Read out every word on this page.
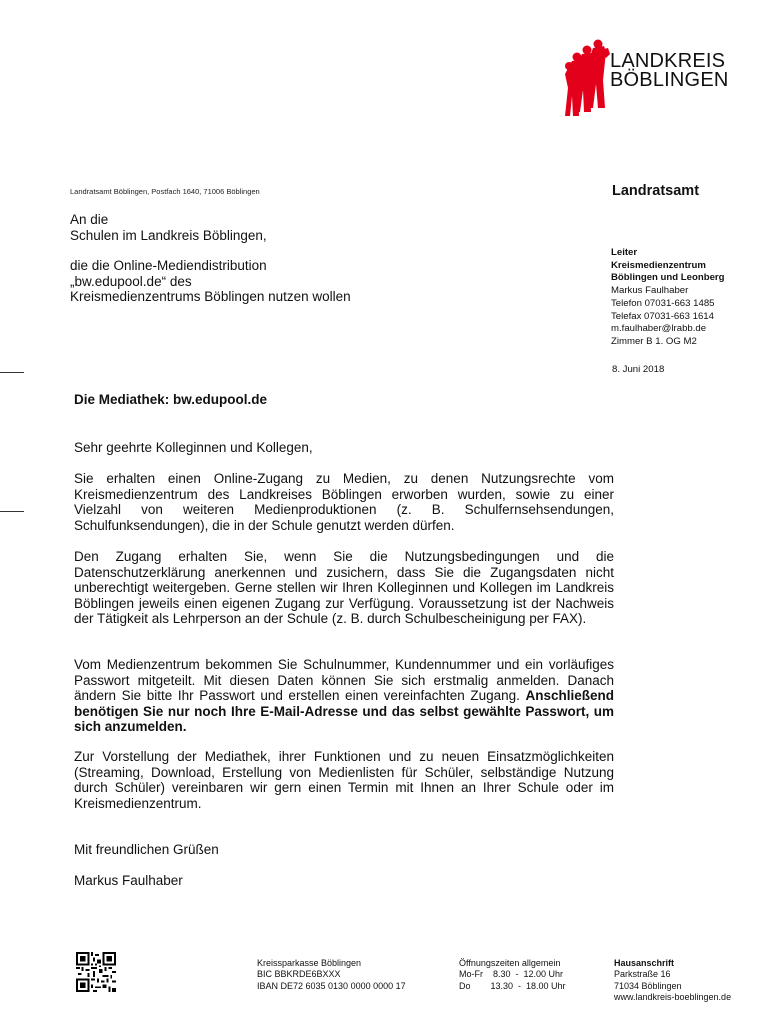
LANDKREIS
BÖBLINGEN
Landratsamt Böblingen, Postfach 1640, 71006 Böblingen
An die
Schulen im Landkreis Böblingen,
die die Online-Mediendistribution
„bw.edupool.de“ des
Kreismedienzentrums Böblingen nutzen wollen
Landratsamt
Leiter
Kreismedienzentrum
Böblingen und Leonberg
Markus Faulhaber
Telefon 07031-663 1485
Telefax 07031-663 1614
m.faulhaber@lrabb.de
Zimmer B 1. OG M2
8. Juni 2018
Die Mediathek: bw.edupool.de

Sehr geehrte Kolleginnen und Kollegen,

Sie erhalten einen Online-Zugang zu Medien, zu denen Nutzungsrechte vom Kreismedienzentrum des Landkreises Böblingen erworben wurden, sowie zu einer Vielzahl von weiteren Medienproduktionen (z. B. Schulfernsehsendungen, Schulfunksendungen), die in der Schule genutzt werden dürfen.

Den Zugang erhalten Sie, wenn Sie die Nutzungsbedingungen und die Datenschutzerklärung anerkennen und zusichern, dass Sie die Zugangsdaten nicht unberechtigt weitergeben. Gerne stellen wir Ihren Kolleginnen und Kollegen im Landkreis Böblingen jeweils einen eigenen Zugang zur Verfügung. Voraussetzung ist der Nachweis der Tätigkeit als Lehrperson an der Schule (z. B. durch Schulbescheinigung per FAX).

Vom Medienzentrum bekommen Sie Schulnummer, Kundennummer und ein vorläufiges Passwort mitgeteilt. Mit diesen Daten können Sie sich erstmalig anmelden. Danach ändern Sie bitte Ihr Passwort und erstellen einen vereinfachten Zugang. Anschließend benötigen Sie nur noch Ihre E-Mail-Adresse und das selbst gewählte Passwort, um sich anzumelden.

Zur Vorstellung der Mediathek, ihrer Funktionen und zu neuen Einsatzmöglichkeiten (Streaming, Download, Erstellung von Medienlisten für Schüler, selbständige Nutzung durch Schüler) vereinbaren wir gern einen Termin mit Ihnen an Ihrer Schule oder im Kreismedienzentrum.

Mit freundlichen Grüßen

Markus Faulhaber

Kreissparkasse Böblingen
BIC BBKRDE6BXXX
IBAN DE72 6035 0130 0000 0000 17
Öffnungszeiten allgemein
Mo-Fr    8.30  -  12.00 Uhr
Do        13.30  -  18.00 Uhr
Hausanschrift
Parkstraße 16
71034 Böblingen
www.landkreis-boeblingen.de
